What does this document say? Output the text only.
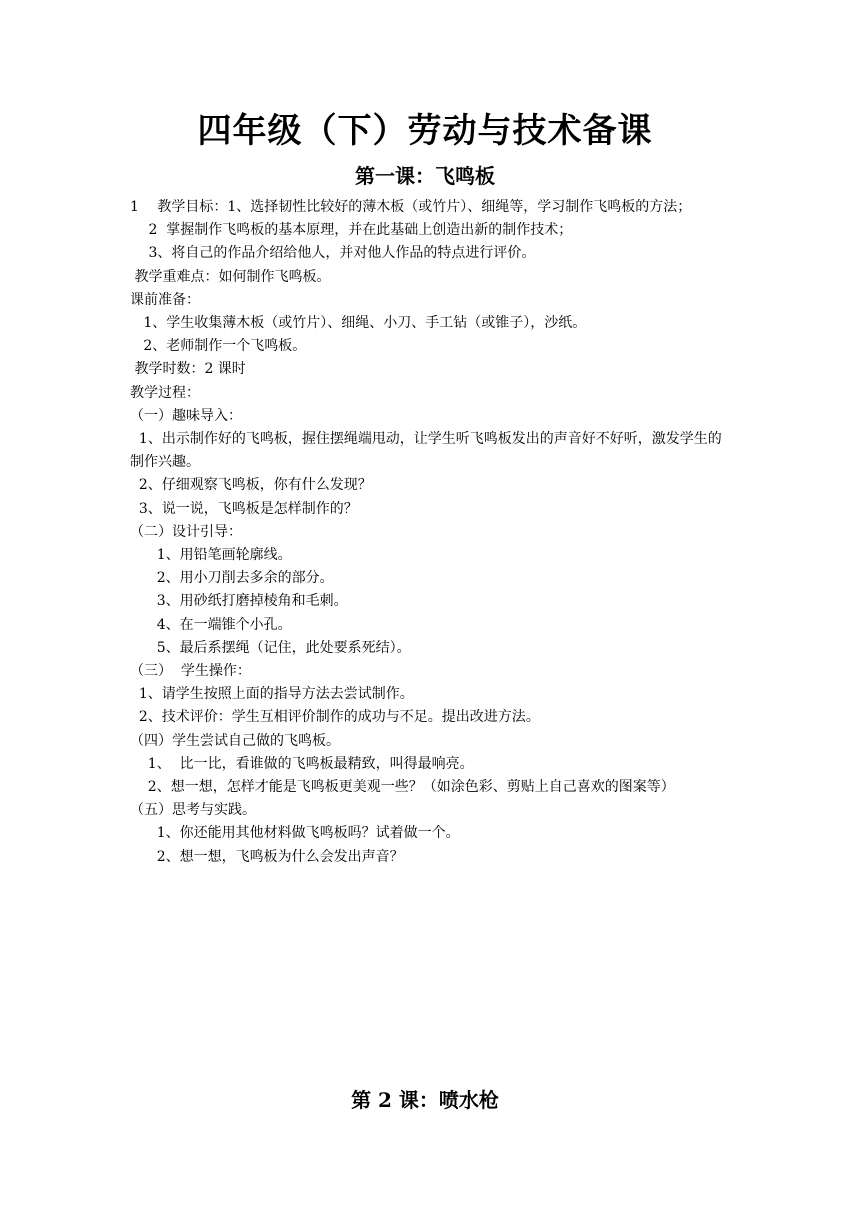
四年级（下）劳动与技术备课
第一课：飞鸣板
1　 教学目标：1、选择韧性比较好的薄木板（或竹片）、细绳等，学习制作飞鸣板的方法；
　 2  掌握制作飞鸣板的基本原理，并在此基础上创造出新的制作技术；
　 3、将自己的作品介绍给他人，并对他人作品的特点进行评价。
教学重难点：如何制作飞鸣板。
课前准备：
1、学生收集薄木板（或竹片）、细绳、小刀、手工钻（或锥子），沙纸。
2、老师制作一个飞鸣板。
教学时数：2 课时
教学过程：
（一）趣味导入：
1、出示制作好的飞鸣板，握住摆绳端甩动，让学生听飞鸣板发出的声音好不好听，激发学生的制作兴趣。
2、仔细观察飞鸣板，你有什么发现？
3、说一说，飞鸣板是怎样制作的？
（二）设计引导：
1、用铅笔画轮廓线。
2、用小刀削去多余的部分。
3、用砂纸打磨掉棱角和毛刺。
4、在一端锥个小孔。
5、最后系摆绳（记住，此处要系死结）。
（三）  学生操作：
1、请学生按照上面的指导方法去尝试制作。
2、技术评价：学生互相评价制作的成功与不足。提出改进方法。
（四）学生尝试自己做的飞鸣板。
1、  比一比，看谁做的飞鸣板最精致，叫得最响亮。
2、想一想，怎样才能是飞鸣板更美观一些？（如涂色彩、剪贴上自己喜欢的图案等）
（五）思考与实践。
1、你还能用其他材料做飞鸣板吗？试着做一个。
2、想一想，飞鸣板为什么会发出声音？
第 2 课：喷水枪
